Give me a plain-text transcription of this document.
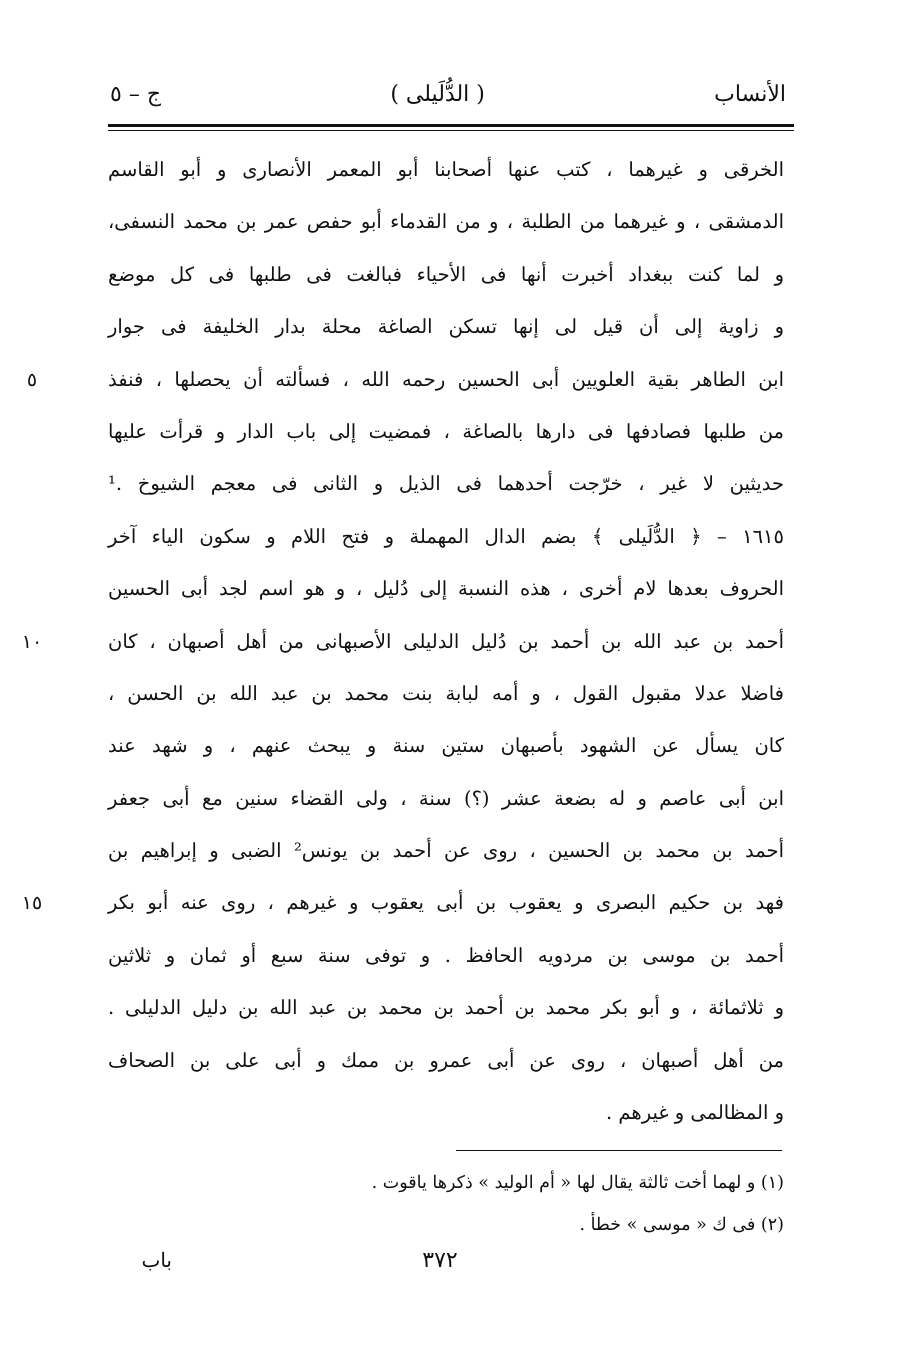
الأنساب
( الدُّلَيلى )
ج – ٥
الخرقى و غيرهما ، كتب عنها أصحابنا أبو المعمر الأنصارى و أبو القاسم
الدمشقى ، و غيرهما من الطلبة ، و من القدماء أبو حفص عمر بن محمد النسفى،
و لما كنت ببغداد أخبرت أنها فى الأحياء فبالغت فى طلبها فى كل موضع
و زاوية إلى أن قيل لى إنها تسكن الصاغة محلة بدار الخليفة فى جوار
ابن الطاهر بقية العلويين أبى الحسين رحمه الله ، فسألته أن يحصلها ، فنفذ
٥
من طلبها فصادفها فى دارها بالصاغة ، فمضيت إلى باب الدار و قرأت عليها
حديثين لا غير ، خرّجت أحدهما فى الذيل و الثانى فى معجم الشيوخ .¹
١٦١٥ – ﴿ الدُّلَيلى ﴾ بضم الدال المهملة و فتح اللام و سكون الياء آخر
الحروف بعدها لام أخرى ، هذه النسبة إلى دُليل ، و هو اسم لجد أبى الحسين
أحمد بن عبد الله بن أحمد بن دُليل الدليلى الأصبهانى من أهل أصبهان ، كان
١٠
فاضلا عدلا مقبول القول ، و أمه لبابة بنت محمد بن عبد الله بن الحسن ،
كان يسأل عن الشهود بأصبهان ستين سنة و يبحث عنهم ، و شهد عند
ابن أبى عاصم و له بضعة عشر (؟) سنة ، ولى القضاء سنين مع أبى جعفر
أحمد بن محمد بن الحسين ، روى عن أحمد بن يونس² الضبى و إبراهيم بن
فهد بن حكيم البصرى و يعقوب بن أبى يعقوب و غيرهم ، روى عنه أبو بكر
١٥
أحمد بن موسى بن مردويه الحافظ . و توفى سنة سبع أو ثمان و ثلاثين
و ثلاثمائة ، و أبو بكر محمد بن أحمد بن محمد بن عبد الله بن دليل الدليلى .
من أهل أصبهان ، روى عن أبى عمرو بن ممك و أبى على بن الصحاف
و المظالمى و غيرهم .
(١) و لهما أخت ثالثة يقال لها « أم الوليد » ذكرها ياقوت .
(٢) فى ك « موسى » خطأ .
باب	٣٧٢
